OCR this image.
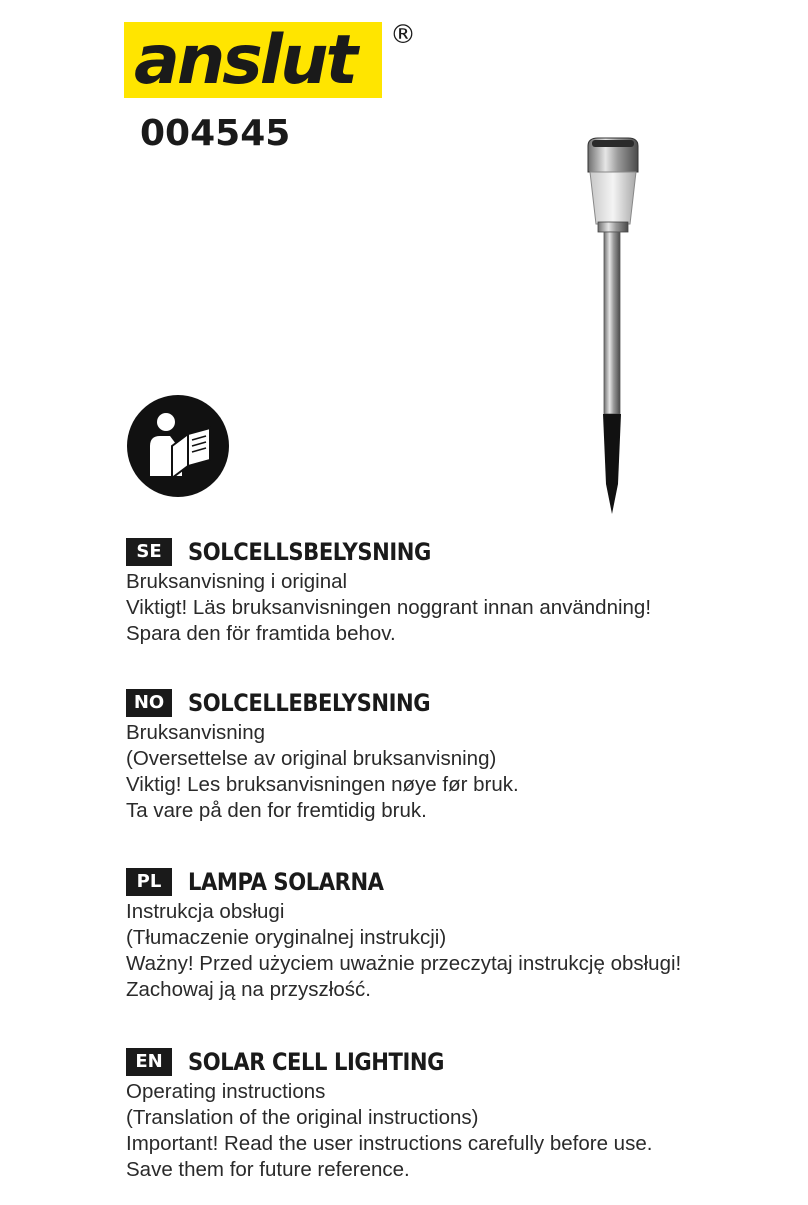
anslut ®
004545
SE	SOLCELLSBELYSNING
Bruksanvisning i original
Viktigt! Läs bruksanvisningen noggrant innan användning!
Spara den för framtida behov.
NO SOLCELLEBELYSNING
Bruksanvisning
(Oversettelse av original bruksanvisning)
Viktig! Les bruksanvisningen nøye før bruk.
Ta vare på den for fremtidig bruk.
PL	LAMPA SOLARNA
Instrukcja obsługi
(Tłumaczenie oryginalnej instrukcji)
Ważny! Przed użyciem uważnie przeczytaj instrukcję obsługi!
Zachowaj ją na przyszłość.
EN	SOLAR CELL LIGHTING
Operating instructions
(Translation of the original instructions)
Important! Read the user instructions carefully before use.
Save them for future reference.
